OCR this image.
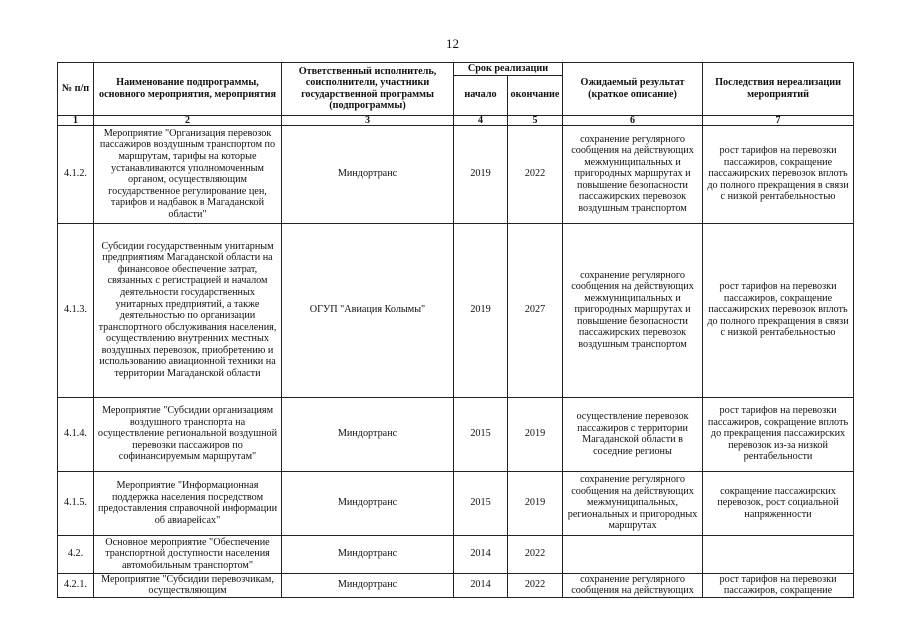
12
№ п/п	Наименование подпрограммы, основного мероприятия, мероприятия	Ответственный исполнитель, соисполнители, участники государственной программы (подпрограммы)	Срок реализации		Ожидаемый результат (краткое описание)	Последствия нереализации мероприятий
			начало	окончание		
1	2	3	4	5	6	7
4.1.2.	Мероприятие "Организация перевозок пассажиров воздушным транспортом по маршрутам, тарифы на которые устанавливаются уполномоченным органом, осуществляющим государственное регулирование цен, тарифов и надбавок в Магаданской области"	Миндортранс	2019	2022	сохранение регулярного сообщения на действующих межмуниципальных и пригородных маршрутах и повышение безопасности пассажирских перевозок воздушным транспортом	рост тарифов на перевозки пассажиров, сокращение пассажирских перевозок вплоть до полного прекращения в связи с низкой рентабельностью
4.1.3.	Субсидии государственным унитарным предприятиям Магаданской области на финансовое обеспечение затрат, связанных с регистрацией и началом деятельности государственных унитарных предприятий, а также деятельностью по организации транспортного обслуживания населения, осуществлению внутренних местных воздушных перевозок, приобретению и использованию авиационной техники на территории Магаданской области	ОГУП "Авиация Колымы"	2019	2027	сохранение регулярного сообщения на действующих межмуниципальных и пригородных маршрутах и повышение безопасности пассажирских перевозок воздушным транспортом	рост тарифов на перевозки пассажиров, сокращение пассажирских перевозок вплоть до полного прекращения в связи с низкой рентабельностью
4.1.4.	Мероприятие "Субсидии организациям воздушного транспорта на осуществление региональной воздушной перевозки пассажиров по софинансируемым маршрутам"	Миндортранс	2015	2019	осуществление перевозок пассажиров с территории Магаданской области в соседние регионы	рост тарифов на перевозки пассажиров, сокращение вплоть до прекращения пассажирских перевозок из-за низкой рентабельности
4.1.5.	Мероприятие "Информационная поддержка населения посредством предоставления справочной информации об авиарейсах"	Миндортранс	2015	2019	сохранение регулярного сообщения на действующих межмуниципальных, региональных и пригородных маршрутах	сокращение пассажирских перевозок, рост социальной напряженности
4.2.	Основное мероприятие "Обеспечение транспортной доступности населения автомобильным транспортом"	Миндортранс	2014	2022		
4.2.1.	Мероприятие "Субсидии перевозчикам, осуществляющим	Миндортранс	2014	2022	сохранение регулярного сообщения на действующих	рост тарифов на перевозки пассажиров, сокращение
